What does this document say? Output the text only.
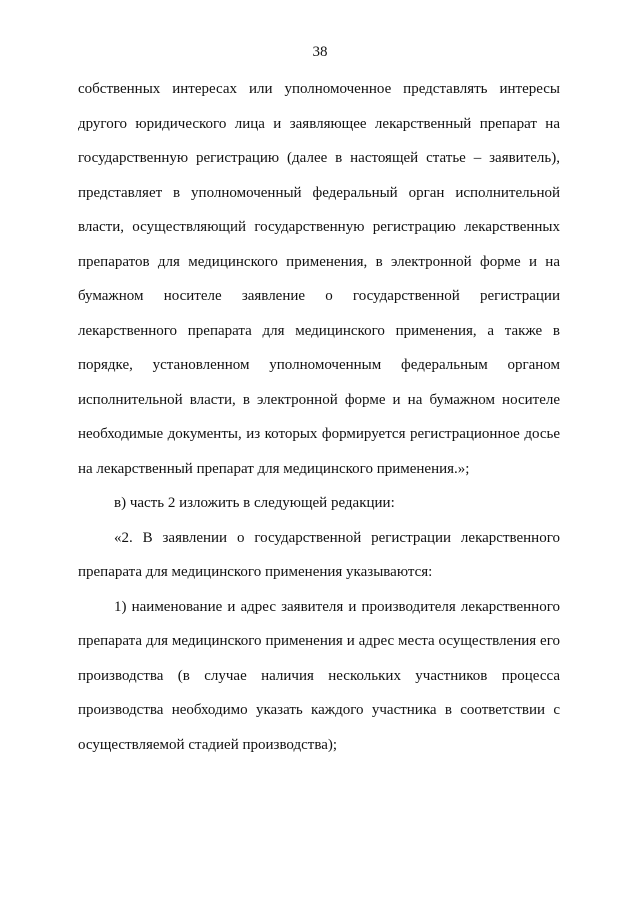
38
собственных интересах или уполномоченное представлять интересы
другого юридического лица и заявляющее лекарственный препарат на
государственную регистрацию (далее в настоящей статье – заявитель),
представляет в уполномоченный федеральный орган исполнительной
власти, осуществляющий государственную регистрацию лекарственных
препаратов для медицинского применения, в электронной форме и на
бумажном носителе заявление о государственной регистрации
лекарственного препарата для медицинского применения, а также в
порядке, установленном уполномоченным федеральным органом
исполнительной власти, в электронной форме и на бумажном носителе
необходимые документы, из которых формируется регистрационное досье
на лекарственный препарат для медицинского применения.»;
в) часть 2 изложить в следующей редакции:
«2. В заявлении о государственной регистрации лекарственного
препарата для медицинского применения указываются:
1) наименование и адрес заявителя и производителя лекарственного
препарата для медицинского применения и адрес места осуществления его
производства (в случае наличия нескольких участников процесса
производства необходимо указать каждого участника в соответствии с
осуществляемой стадией производства);
